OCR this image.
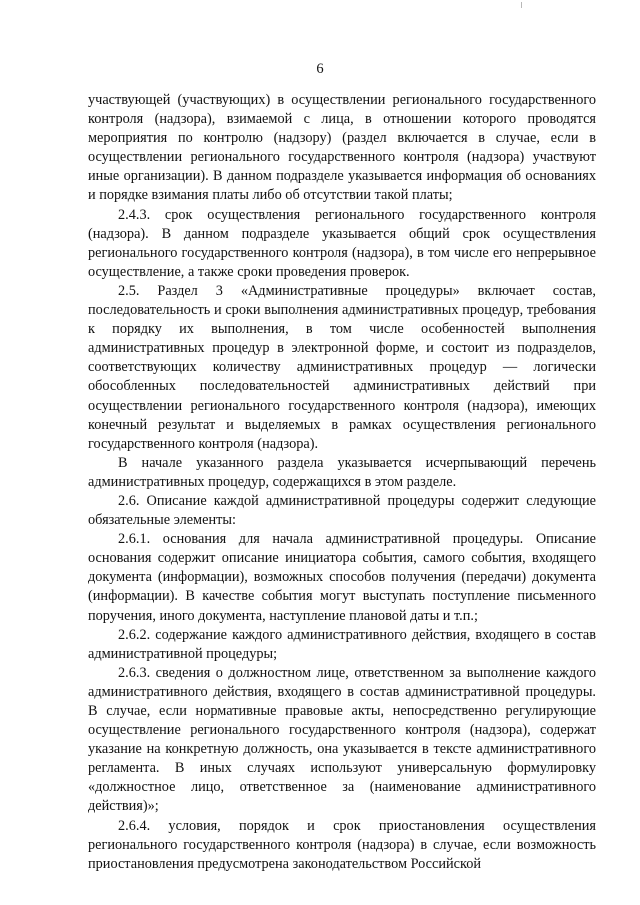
6

участвующей (участвующих) в осуществлении регионального государственного контроля (надзора), взимаемой с лица, в отношении которого проводятся мероприятия по контролю (надзору) (раздел включается в случае, если в осуществлении регионального государственного контроля (надзора) участвуют иные организации). В данном подразделе указывается информация об основаниях и порядке взимания платы либо об отсутствии такой платы;

2.4.3. срок осуществления регионального государственного контроля (надзора). В данном подразделе указывается общий срок осуществления регионального государственного контроля (надзора), в том числе его непрерывное осуществление, а также сроки проведения проверок.

2.5. Раздел 3 «Административные процедуры» включает состав, последовательность и сроки выполнения административных процедур, требования к порядку их выполнения, в том числе особенностей выполнения административных процедур в электронной форме, и состоит из подразделов, соответствующих количеству административных процедур — логически обособленных последовательностей административных действий при осуществлении регионального государственного контроля (надзора), имеющих конечный результат и выделяемых в рамках осуществления регионального государственного контроля (надзора).

В начале указанного раздела указывается исчерпывающий перечень административных процедур, содержащихся в этом разделе.

2.6. Описание каждой административной процедуры содержит следующие обязательные элементы:

2.6.1. основания для начала административной процедуры. Описание основания содержит описание инициатора события, самого события, входящего документа (информации), возможных способов получения (передачи) документа (информации). В качестве события могут выступать поступление письменного поручения, иного документа, наступление плановой даты и т.п.;

2.6.2. содержание каждого административного действия, входящего в состав административной процедуры;

2.6.3. сведения о должностном лице, ответственном за выполнение каждого административного действия, входящего в состав административной процедуры. В случае, если нормативные правовые акты, непосредственно регулирующие осуществление регионального государственного контроля (надзора), содержат указание на конкретную должность, она указывается в тексте административного регламента. В иных случаях используют универсальную формулировку «должностное лицо, ответственное за (наименование административного действия)»;

2.6.4. условия, порядок и срок приостановления осуществления регионального государственного контроля (надзора) в случае, если возможность приостановления предусмотрена законодательством Российской
